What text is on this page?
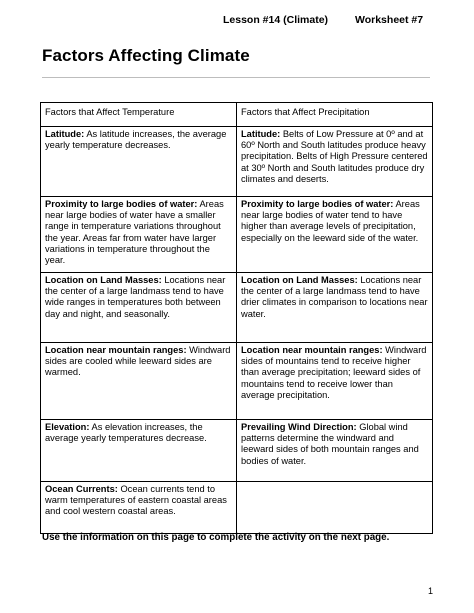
Lesson #14 (Climate)	Worksheet #7
Factors Affecting Climate
Factors that Affect Temperature	Factors that Affect Precipitation
Latitude: As latitude increases, the average yearly temperature decreases.	Latitude: Belts of Low Pressure at 0º and at 60º North and South latitudes produce heavy precipitation. Belts of High Pressure centered at 30º North and South latitudes produce dry climates and deserts.
Proximity to large bodies of water: Areas near large bodies of water have a smaller range in temperature variations throughout the year. Areas far from water have larger variations in temperature throughout the year.	Proximity to large bodies of water: Areas near large bodies of water tend to have higher than average levels of precipitation, especially on the leeward side of the water.
Location on Land Masses: Locations near the center of a large landmass tend to have wide ranges in temperatures both between day and night, and seasonally.	Location on Land Masses: Locations near the center of a large landmass tend to have drier climates in comparison to locations near water.
Location near mountain ranges: Windward sides are cooled while leeward sides are warmed.	Location near mountain ranges: Windward sides of mountains tend to receive higher than average precipitation; leeward sides of mountains tend to receive lower than average precipitation.
Elevation: As elevation increases, the average yearly temperatures decrease.	Prevailing Wind Direction: Global wind patterns determine the windward and leeward sides of both mountain ranges and bodies of water.
Ocean Currents: Ocean currents tend to warm temperatures of eastern coastal areas and cool western coastal areas.	
Use the information on this page to complete the activity on the next page.
1
